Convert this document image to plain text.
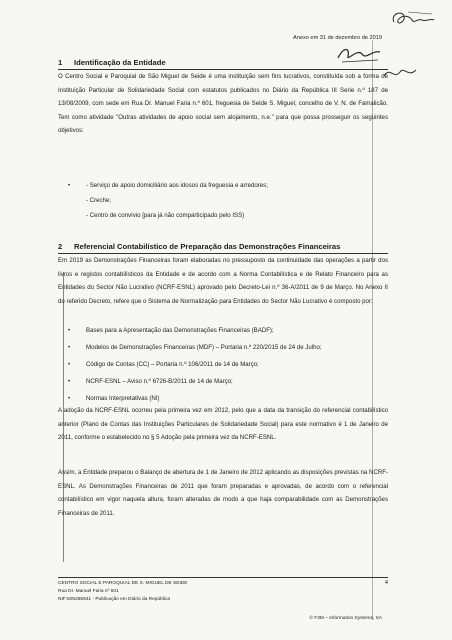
Anexo em 31 de dezembro de 2019
1 Identificação da Entidade

O Centro Social e Paroquial de São Miguel de Seide é uma instituição sem fins lucrativos, constituída sob a forma de Instituição Particular de Solidariedade Social com estatutos publicados no Diário da República III Serie n.º 187 de 13/08/2009, com sede em Rua Dr. Manuel Faria n.º 601, freguesia de Seide S. Miguel, concelho de V. N. de Famalicão. Tem como atividade "Outras atividades de apoio social sem alojamento, n.e." para que possa prosseguir os seguintes objetivos:

•	- Serviço de apoio domiciliário aos idosos da freguesia e arredores;
- Creche;
- Centro de convívio [para já não comparticipado pelo ISS)
2 Referencial Contabilístico de Preparação das Demonstrações Financeiras

Em 2019 as Demonstrações Financeiras foram elaboradas no pressuposto da continuidade das operações a partir dos livros e registos contabilísticos da Entidade e de acordo com a Norma Contabilística e de Relato Financeiro para as Entidades do Sector Não Lucrativo (NCRF-ESNL) aprovado pelo Decreto-Lei n.º 36-A/2011 de 9 de Março. No Anexo II do referido Decreto, refere que o Sistema de Normalização para Entidades do Sector Não Lucrativo é composto por:

•	Bases para a Apresentação das Demonstrações Financeiras (BADF);
•	Modelos de Demonstrações Financeiras (MDF) – Portaria n.º 220/2015 de 24 de Julho;
•	Código de Contas (CC) – Portaria n.º 106/2011 de 14 de Março;
•	NCRF-ESNL – Aviso n.º 6726-B/2011 de 14 de Março;
•	Normas Interpretativas (NI)

A adoção da NCRF-ESNL ocorreu pela primeira vez em 2012, pelo que a data da transição do referencial contabilístico anterior (Plano de Contas das Instituições Particulares de Solidariedade Social) para este normativo é 1 de Janeiro de 2011, conforme o estabelecido no § 5 Adoção pela primeira vez da NCRF-ESNL.

Assim, a Entidade preparou o Balanço de abertura de 1 de Janeiro de 2012 aplicando as disposições previstas na NCRF-ESNL. As Demonstrações Financeiras de 2011 que foram preparadas e aprovadas, de acordo com o referencial contabilístico em vigor naquela altura, foram alteradas de modo a que haja comparabilidade com as Demonstrações Financeiras de 2011.

CENTRO SOCIAL E PAROQUIAL DE S. MIGUEL DE SEIDE
Rua Dr. Manuel Faria nº 601
NIF:505285541 - Publicação em Diário da República
4
© F3M – Information Systems, SA
